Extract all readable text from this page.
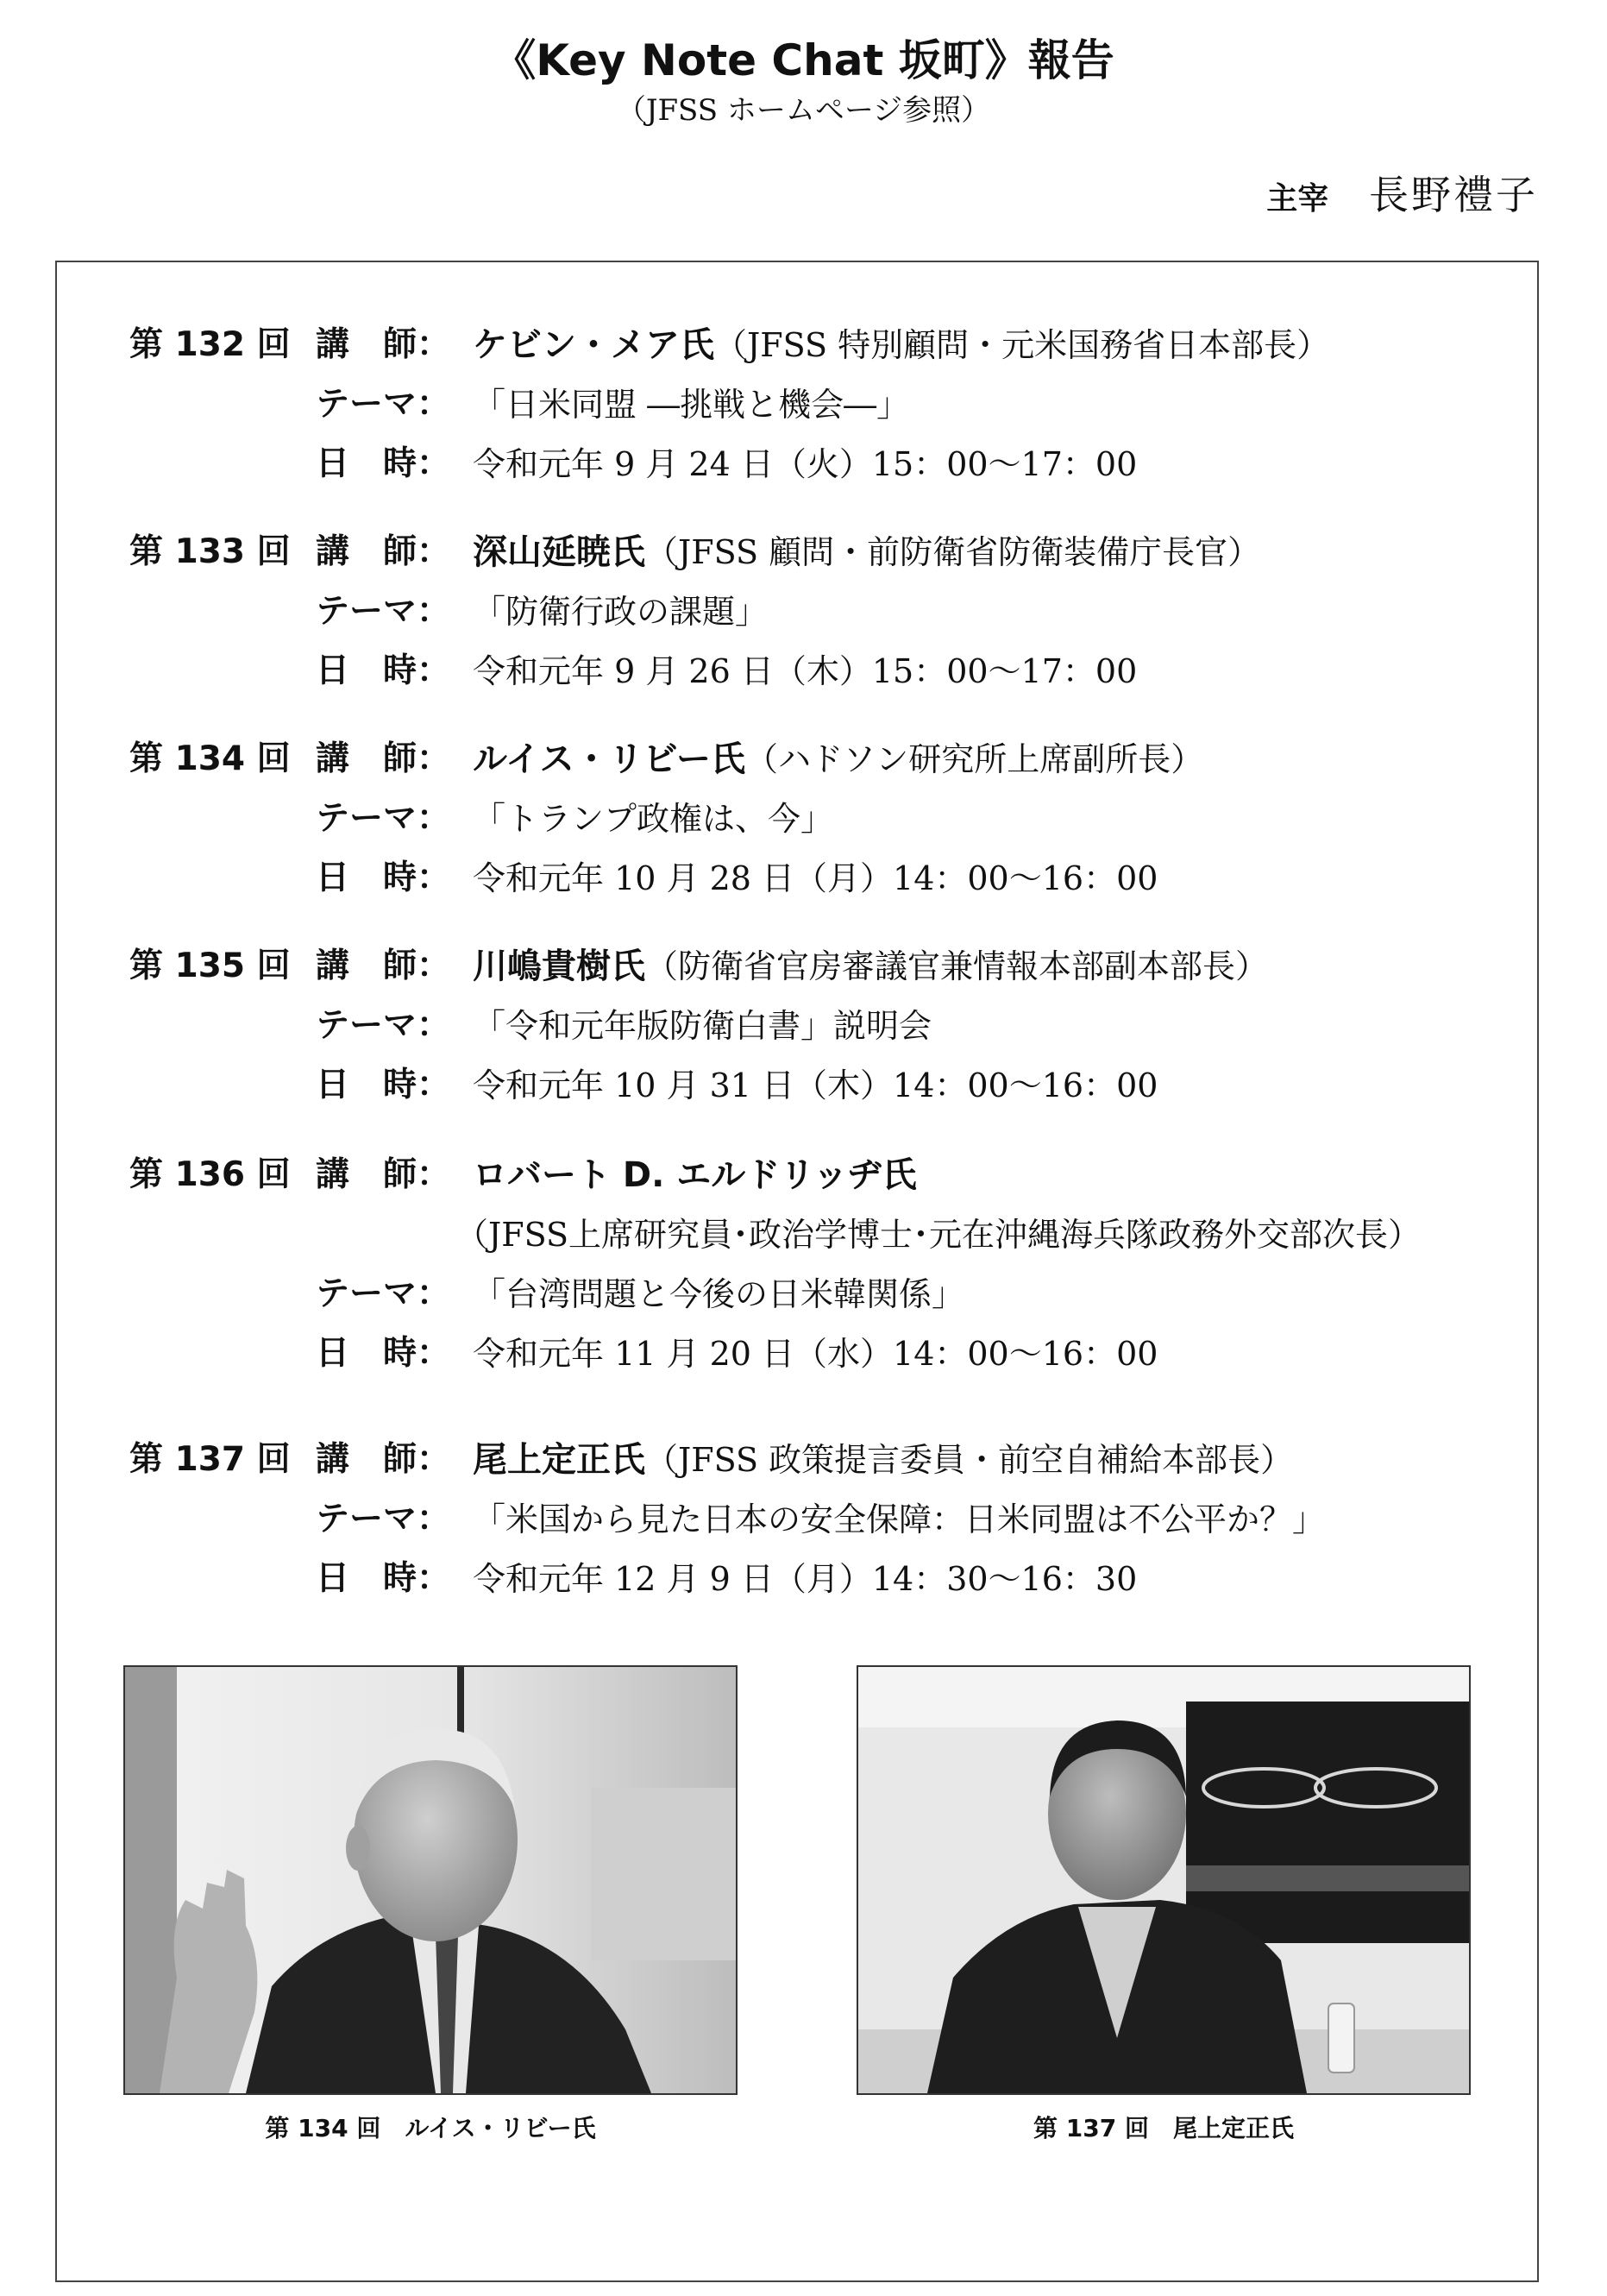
《Key Note Chat 坂町》報告
（JFSS ホームページ参照）
主宰 長野禮子
第 132 回 講　師： ケビン・メア氏（JFSS 特別顧問・元米国務省日本部長）
テーマ： 「日米同盟 ―挑戦と機会―」
日　時： 令和元年 9 月 24 日（火）15：00～17：00
第 133 回 講　師： 深山延暁氏（JFSS 顧問・前防衛省防衛装備庁長官）
テーマ： 「防衛行政の課題」
日　時： 令和元年 9 月 26 日（木）15：00～17：00
第 134 回 講　師： ルイス・リビー氏（ハドソン研究所上席副所長）
テーマ： 「トランプ政権は、今」
日　時： 令和元年 10 月 28 日（月）14：00～16：00
第 135 回 講　師： 川嶋貴樹氏（防衛省官房審議官兼情報本部副本部長）
テーマ： 「令和元年版防衛白書」説明会
日　時： 令和元年 10 月 31 日（木）14：00～16：00
第 136 回 講　師： ロバート D. エルドリッヂ氏
（JFSS上席研究員･政治学博士･元在沖縄海兵隊政務外交部次長）
テーマ： 「台湾問題と今後の日米韓関係」
日　時： 令和元年 11 月 20 日（水）14：00～16：00
第 137 回 講　師： 尾上定正氏（JFSS 政策提言委員・前空自補給本部長）
テーマ： 「米国から見た日本の安全保障：日米同盟は不公平か？」
日　時： 令和元年 12 月 9 日（月）14：30～16：30
第 134 回　ルイス・リビー氏	第 137 回　尾上定正氏
